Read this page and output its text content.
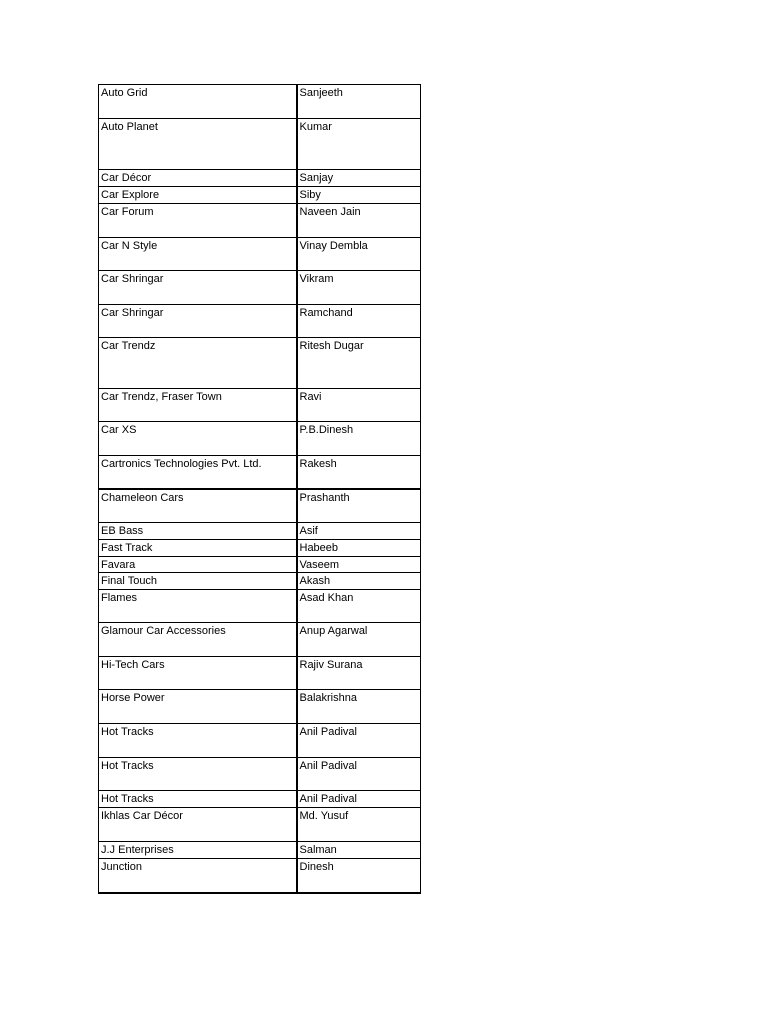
Auto Grid	Sanjeeth
Auto Planet	Kumar
Car Décor	Sanjay
Car Explore	Siby
Car Forum	Naveen Jain
Car N Style	Vinay Dembla
Car Shringar	Vikram
Car Shringar	Ramchand
Car Trendz	Ritesh Dugar
Car Trendz, Fraser Town	Ravi
Car XS	P.B.Dinesh
Cartronics Technologies Pvt. Ltd.	Rakesh
Chameleon Cars	Prashanth
EB Bass	Asif
Fast Track	Habeeb
Favara	Vaseem
Final Touch	Akash
Flames	Asad Khan
Glamour Car Accessories	Anup Agarwal
Hi-Tech Cars	Rajiv Surana
Horse Power	Balakrishna
Hot Tracks	Anil Padival
Hot Tracks	Anil Padival
Hot Tracks	Anil Padival
Ikhlas Car Décor	Md. Yusuf
J.J Enterprises	Salman
Junction	Dinesh
